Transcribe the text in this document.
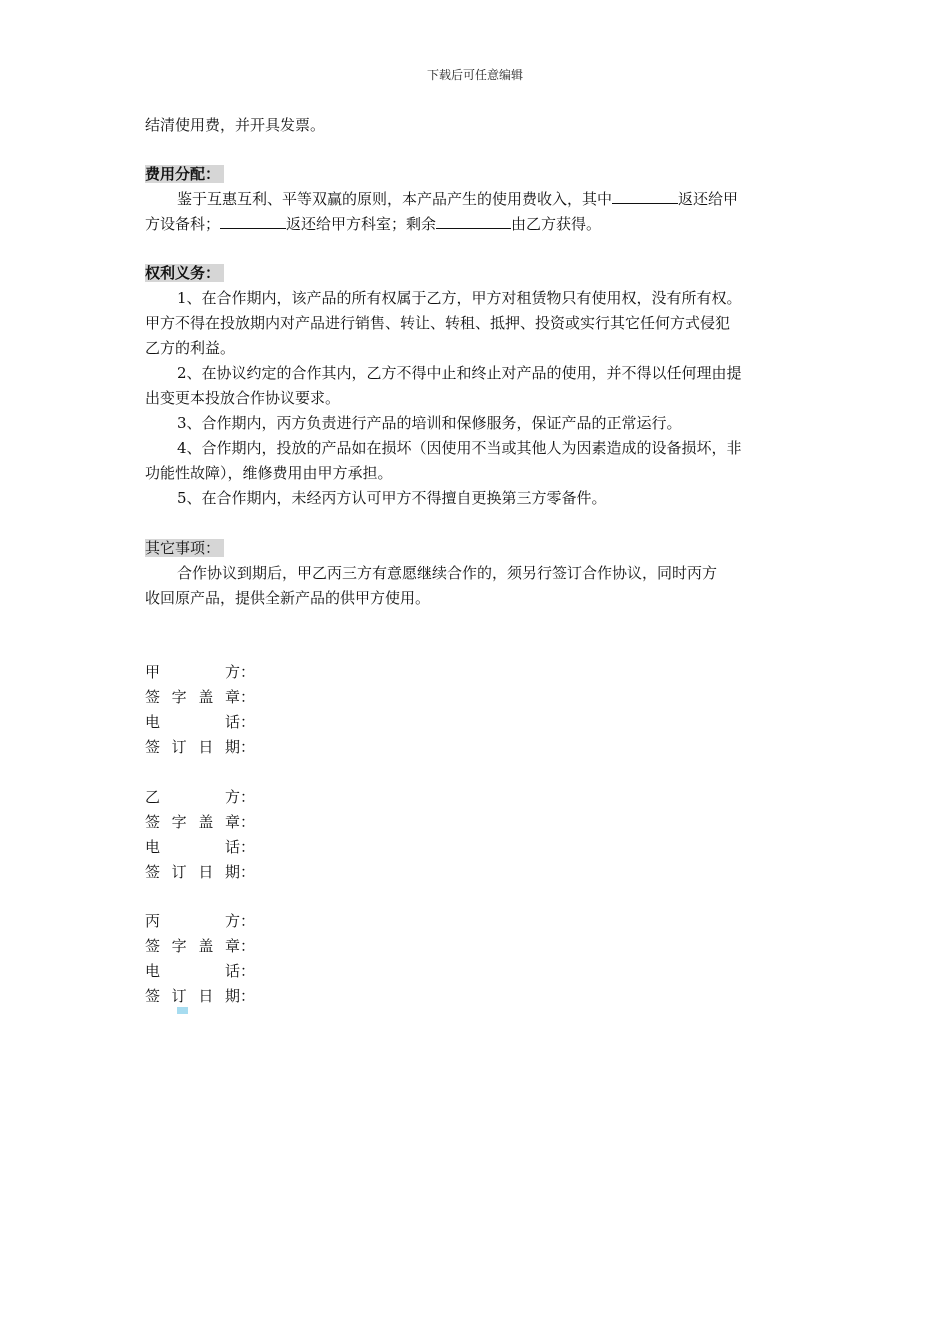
下载后可任意编辑
结清使用费，并开具发票。
费用分配：
鉴于互惠互利、平等双赢的原则，本产品产生的使用费收入，其中	返还给甲
方设备科；	返还给甲方科室；剩余	由乙方获得。
权利义务：
1、在合作期内，该产品的所有权属于乙方，甲方对租赁物只有使用权，没有所有权。
甲方不得在投放期内对产品进行销售、转让、转租、抵押、投资或实行其它任何方式侵犯
乙方的利益。
2、在协议约定的合作其内，乙方不得中止和终止对产品的使用，并不得以任何理由提
出变更本投放合作协议要求。
3、合作期内，丙方负责进行产品的培训和保修服务，保证产品的正常运行。
4、合作期内，投放的产品如在损坏（因使用不当或其他人为因素造成的设备损坏，非
功能性故障），维修费用由甲方承担。
5、在合作期内，未经丙方认可甲方不得擅自更换第三方零备件。
其它事项：
合作协议到期后，甲乙丙三方有意愿继续合作的，须另行签订合作协议，同时丙方
收回原产品，提供全新产品的供甲方使用。
甲	方：
签 字 盖 章：
电	话：
签 订 日 期：
乙	方：
签 字 盖 章：
电	话：
签 订 日 期：
丙	方：
签 字 盖 章：
电	话：
签 订 日 期：
